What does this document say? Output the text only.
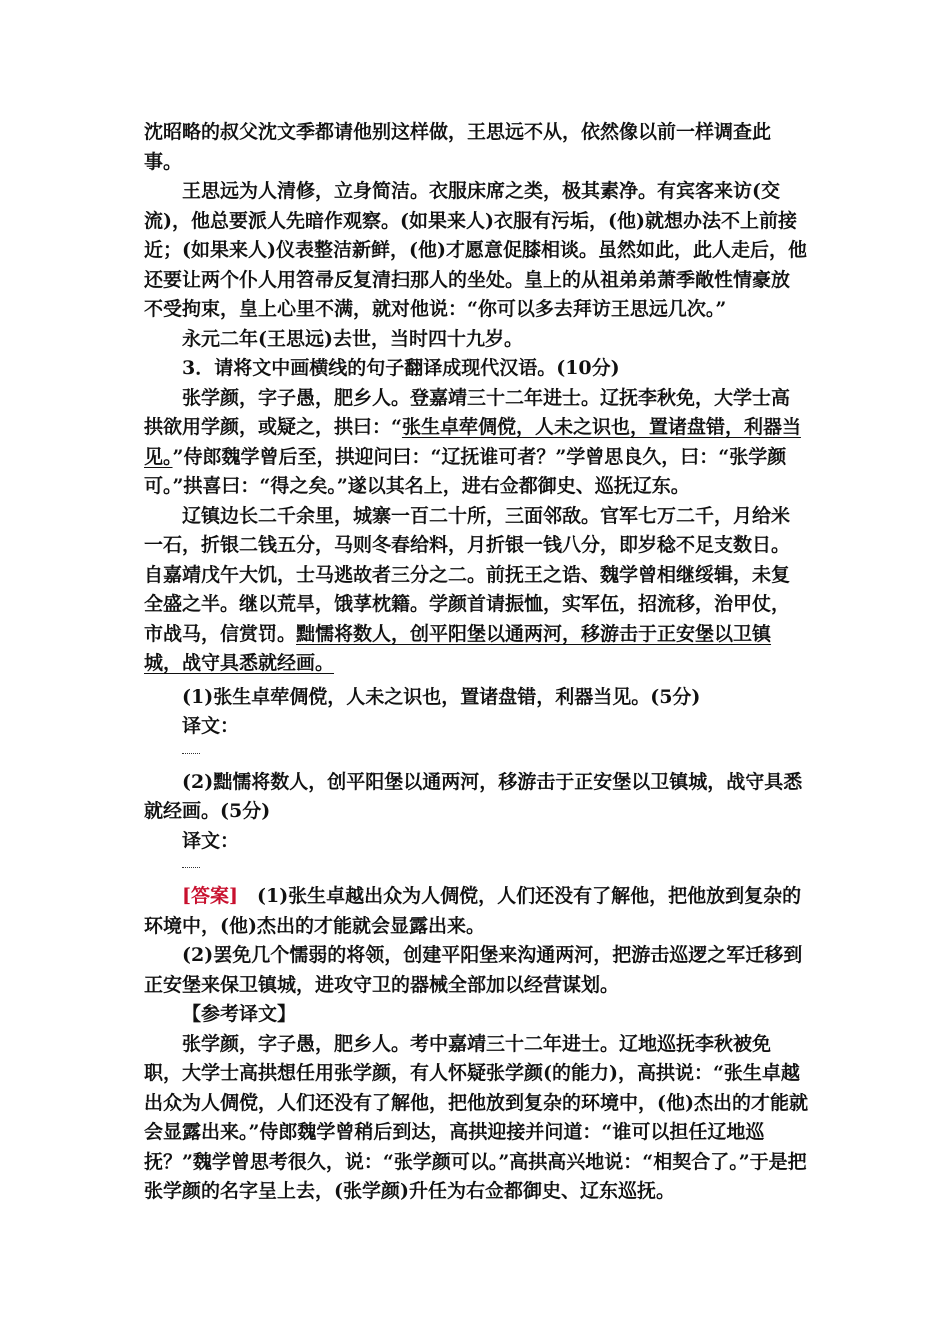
沈昭略的叔父沈文季都请他别这样做，王思远不从，依然像以前一样调查此事。

王思远为人清修，立身简洁。衣服床席之类，极其素净。有宾客来访(交流)，他总要派人先暗作观察。(如果来人)衣服有污垢，(他)就想办法不上前接近；(如果来人)仪表整洁新鲜，(他)才愿意促膝相谈。虽然如此，此人走后，他还要让两个仆人用笤帚反复清扫那人的坐处。皇上的从祖弟弟萧季敞性情豪放不受拘束，皇上心里不满，就对他说：“你可以多去拜访王思远几次。”

永元二年(王思远)去世，当时四十九岁。

3．请将文中画横线的句子翻译成现代汉语。(10分)

张学颜，字子愚，肥乡人。登嘉靖三十二年进士。辽抚李秋免，大学士高拱欲用学颜，或疑之，拱曰：“张生卓荦倜傥，人未之识也，置诸盘错，利器当见。”侍郎魏学曾后至，拱迎问曰：“辽抚谁可者？”学曾思良久，曰：“张学颜可。”拱喜曰：“得之矣。”遂以其名上，进右佥都御史、巡抚辽东。

辽镇边长二千余里，城寨一百二十所，三面邻敌。官军七万二千，月给米一石，折银二钱五分，马则冬春给料，月折银一钱八分，即岁稔不足支数日。自嘉靖戊午大饥，士马逃故者三分之二。前抚王之诰、魏学曾相继绥辑，未复全盛之半。继以荒旱，饿莩枕籍。学颜首请振恤，实军伍，招流移，治甲仗，市战马，信赏罚。黜懦将数人，创平阳堡以通两河，移游击于正安堡以卫镇城，战守具悉就经画。

(1)张生卓荦倜傥，人未之识也，置诸盘错，利器当见。(5分)

译文：

(2)黜懦将数人，创平阳堡以通两河，移游击于正安堡以卫镇城，战守具悉就经画。(5分)

译文：

[答案]　(1)张生卓越出众为人倜傥，人们还没有了解他，把他放到复杂的环境中，(他)杰出的才能就会显露出来。

(2)罢免几个懦弱的将领，创建平阳堡来沟通两河，把游击巡逻之军迁移到正安堡来保卫镇城，进攻守卫的器械全部加以经营谋划。

【参考译文】

张学颜，字子愚，肥乡人。考中嘉靖三十二年进士。辽地巡抚李秋被免职，大学士高拱想任用张学颜，有人怀疑张学颜(的能力)，高拱说：“张生卓越出众为人倜傥，人们还没有了解他，把他放到复杂的环境中，(他)杰出的才能就会显露出来。”侍郎魏学曾稍后到达，高拱迎接并问道：“谁可以担任辽地巡抚？”魏学曾思考很久，说：“张学颜可以。”高拱高兴地说：“相契合了。”于是把张学颜的名字呈上去，(张学颜)升任为右佥都御史、辽东巡抚。
